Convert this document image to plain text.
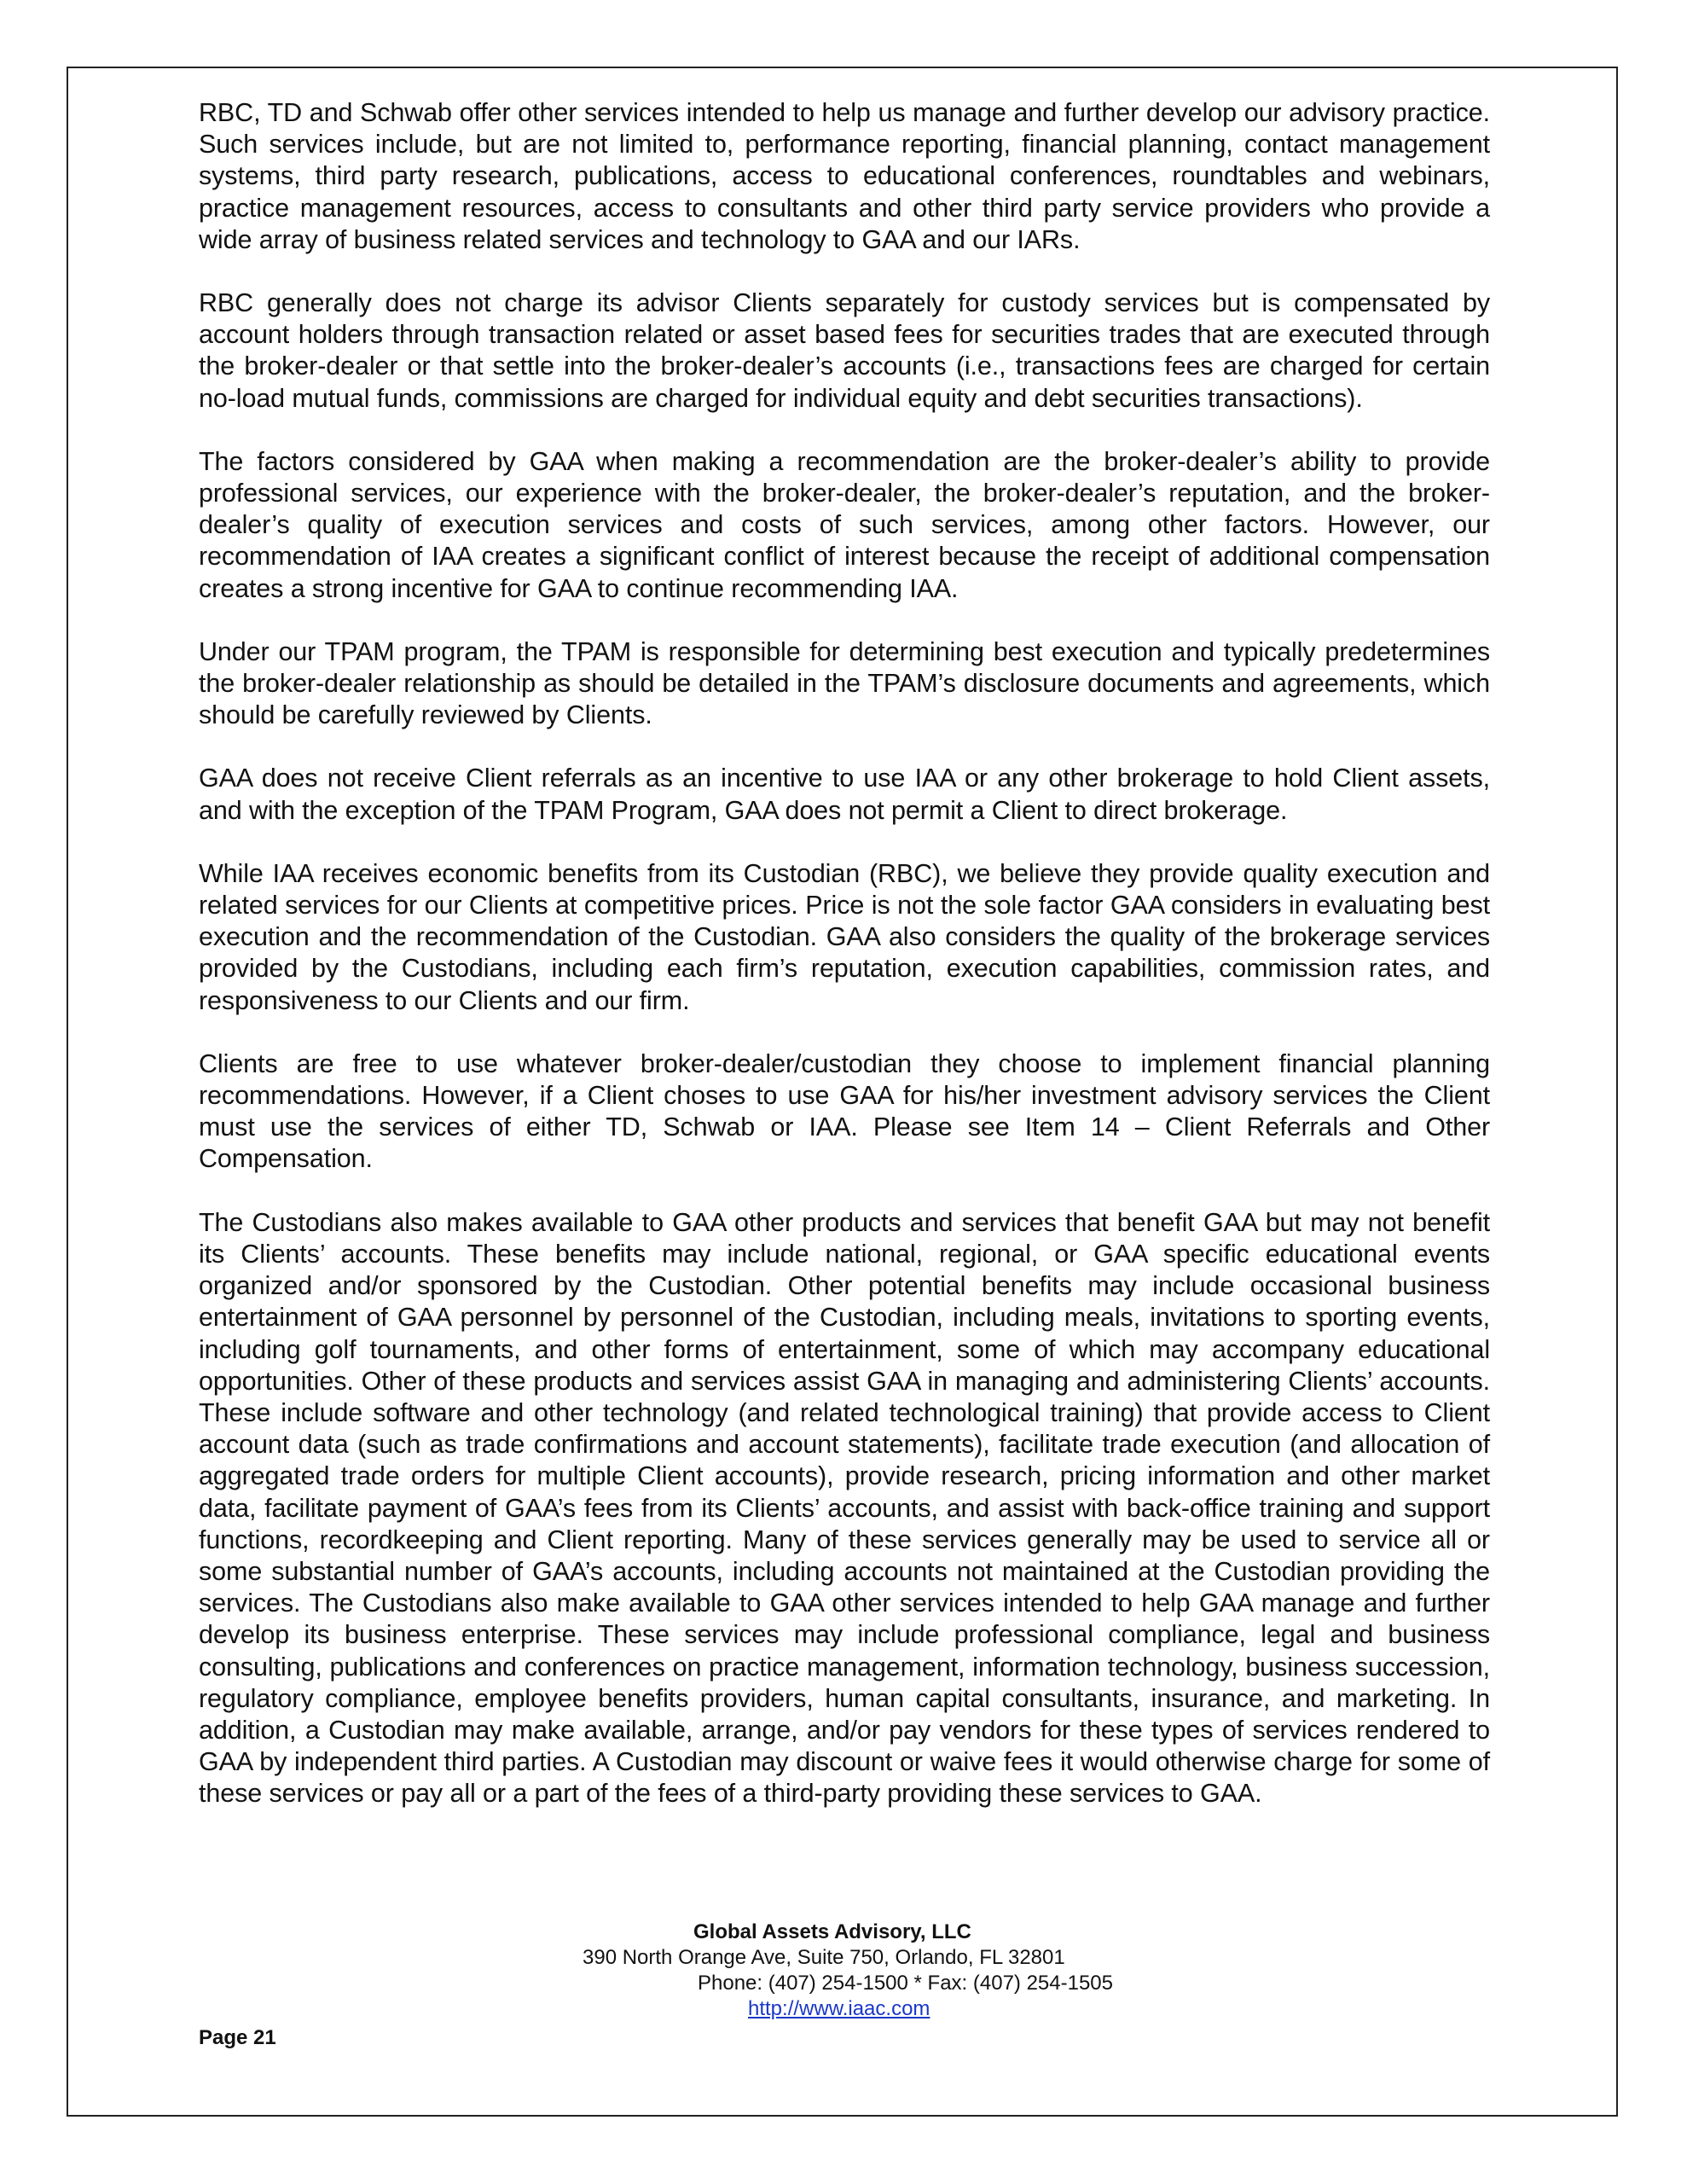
RBC, TD and Schwab offer other services intended to help us manage and further develop our advisory practice. Such services include, but are not limited to, performance reporting, financial planning, contact management systems, third party research, publications, access to educational conferences, roundtables and webinars, practice management resources, access to consultants and other third party service providers who provide a wide array of business related services and technology to GAA and our IARs.

RBC generally does not charge its advisor Clients separately for custody services but is compensated by account holders through transaction related or asset based fees for securities trades that are executed through the broker-dealer or that settle into the broker-dealer’s accounts (i.e., transactions fees are charged for certain no-load mutual funds, commissions are charged for individual equity and debt securities transactions).

The factors considered by GAA when making a recommendation are the broker-dealer’s ability to provide professional services, our experience with the broker-dealer, the broker-dealer’s reputation, and the broker-dealer’s quality of execution services and costs of such services, among other factors. However, our recommendation of IAA creates a significant conflict of interest because the receipt of additional compensation creates a strong incentive for GAA to continue recommending IAA.

Under our TPAM program, the TPAM is responsible for determining best execution and typically predetermines the broker-dealer relationship as should be detailed in the TPAM’s disclosure documents and agreements, which should be carefully reviewed by Clients.

GAA does not receive Client referrals as an incentive to use IAA or any other brokerage to hold Client assets, and with the exception of the TPAM Program, GAA does not permit a Client to direct brokerage.

While IAA receives economic benefits from its Custodian (RBC), we believe they provide quality execution and related services for our Clients at competitive prices. Price is not the sole factor GAA considers in evaluating best execution and the recommendation of the Custodian. GAA also considers the quality of the brokerage services provided by the Custodians, including each firm’s reputation, execution capabilities, commission rates, and responsiveness to our Clients and our firm.

Clients are free to use whatever broker-dealer/custodian they choose to implement financial planning recommendations. However, if a Client choses to use GAA for his/her investment advisory services the Client must use the services of either TD, Schwab or IAA. Please see Item 14 – Client Referrals and Other Compensation.

The Custodians also makes available to GAA other products and services that benefit GAA but may not benefit its Clients’ accounts. These benefits may include national, regional, or GAA specific educational events organized and/or sponsored by the Custodian. Other potential benefits may include occasional business entertainment of GAA personnel by personnel of the Custodian, including meals, invitations to sporting events, including golf tournaments, and other forms of entertainment, some of which may accompany educational opportunities. Other of these products and services assist GAA in managing and administering Clients’ accounts. These include software and other technology (and related technological training) that provide access to Client account data (such as trade confirmations and account statements), facilitate trade execution (and allocation of aggregated trade orders for multiple Client accounts), provide research, pricing information and other market data, facilitate payment of GAA’s fees from its Clients’ accounts, and assist with back-office training and support functions, recordkeeping and Client reporting. Many of these services generally may be used to service all or some substantial number of GAA’s accounts, including accounts not maintained at the Custodian providing the services. The Custodians also make available to GAA other services intended to help GAA manage and further develop its business enterprise. These services may include professional compliance, legal and business consulting, publications and conferences on practice management, information technology, business succession, regulatory compliance, employee benefits providers, human capital consultants, insurance, and marketing. In addition, a Custodian may make available, arrange, and/or pay vendors for these types of services rendered to GAA by independent third parties. A Custodian may discount or waive fees it would otherwise charge for some of these services or pay all or a part of the fees of a third-party providing these services to GAA.

Global Assets Advisory, LLC
390 North Orange Ave, Suite 750, Orlando, FL 32801
Phone: (407) 254-1500 * Fax: (407) 254-1505
http://www.iaac.com
Page 21
